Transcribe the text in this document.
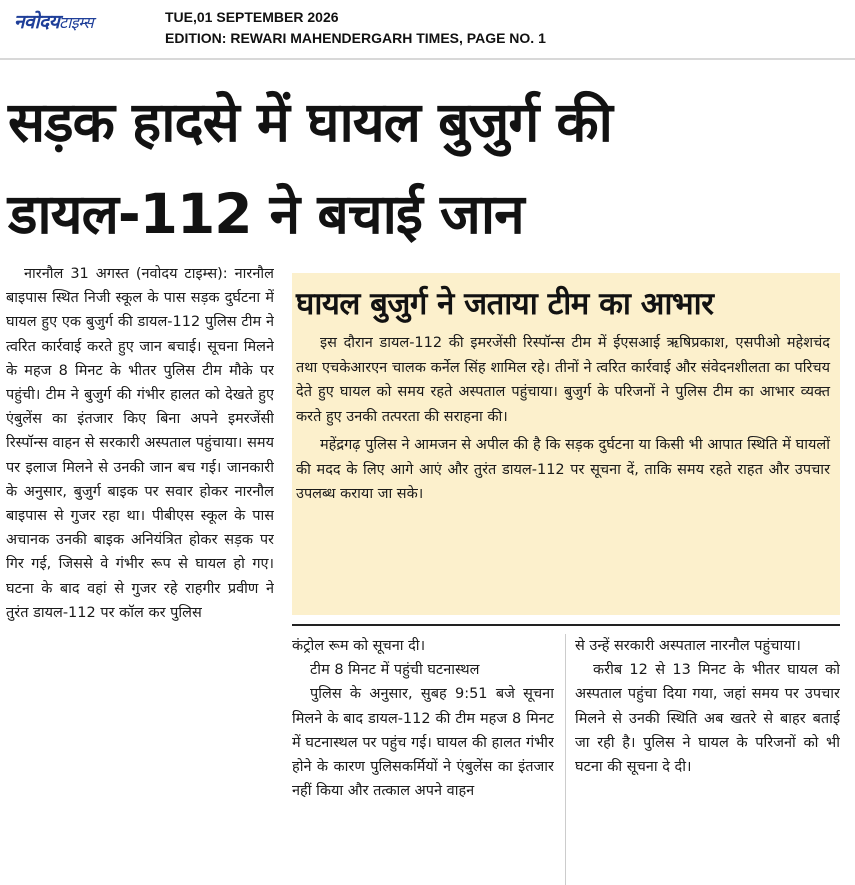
नवोदयटाइम्स	TUE,01 SEPTEMBER 2026
EDITION: REWARI MAHENDERGARH TIMES, PAGE NO. 1
सड़क हादसे में घायल बुजुर्ग की डायल-112 ने बचाई जान

नारनौल 31 अगस्त (नवोदय टाइम्स): नारनौल बाइपास स्थित निजी स्कूल के पास सड़क दुर्घटना में घायल हुए एक बुजुर्ग की डायल-112 पुलिस टीम ने त्वरित कार्रवाई करते हुए जान बचाई। सूचना मिलने के महज 8 मिनट के भीतर पुलिस टीम मौके पर पहुंची। टीम ने बुजुर्ग की गंभीर हालत को देखते हुए एंबुलेंस का इंतजार किए बिना अपने इमरजेंसी रिस्पॉन्स वाहन से सरकारी अस्पताल पहुंचाया। समय पर इलाज मिलने से उनकी जान बच गई। जानकारी के अनुसार, बुजुर्ग बाइक पर सवार होकर नारनौल बाइपास से गुजर रहा था। पीबीएस स्कूल के पास अचानक उनकी बाइक अनियंत्रित होकर सड़क पर गिर गई, जिससे वे गंभीर रूप से घायल हो गए। घटना के बाद वहां से गुजर रहे राहगीर प्रवीण ने तुरंत डायल-112 पर कॉल कर पुलिस

घायल बुजुर्ग ने जताया टीम का आभार

इस दौरान डायल-112 की इमरजेंसी रिस्पॉन्स टीम में ईएसआई ऋषिप्रकाश, एसपीओ महेशचंद तथा एचकेआरएन चालक कर्नेल सिंह शामिल रहे। तीनों ने त्वरित कार्रवाई और संवेदनशीलता का परिचय देते हुए घायल को समय रहते अस्पताल पहुंचाया। बुजुर्ग के परिजनों ने पुलिस टीम का आभार व्यक्त करते हुए उनकी तत्परता की सराहना की।

महेंद्रगढ़ पुलिस ने आमजन से अपील की है कि सड़क दुर्घटना या किसी भी आपात स्थिति में घायलों की मदद के लिए आगे आएं और तुरंत डायल-112 पर सूचना दें, ताकि समय रहते राहत और उपचार उपलब्ध कराया जा सके।

कंट्रोल रूम को सूचना दी।

टीम 8 मिनट में पहुंची घटनास्थल

पुलिस के अनुसार, सुबह 9:51 बजे सूचना मिलने के बाद डायल-112 की टीम महज 8 मिनट में घटनास्थल पर पहुंच गई। घायल की हालत गंभीर होने के कारण पुलिसकर्मियों ने एंबुलेंस का इंतजार नहीं किया और तत्काल अपने वाहन

से उन्हें सरकारी अस्पताल नारनौल पहुंचाया।

करीब 12 से 13 मिनट के भीतर घायल को अस्पताल पहुंचा दिया गया, जहां समय पर उपचार मिलने से उनकी स्थिति अब खतरे से बाहर बताई जा रही है। पुलिस ने घायल के परिजनों को भी घटना की सूचना दे दी।
